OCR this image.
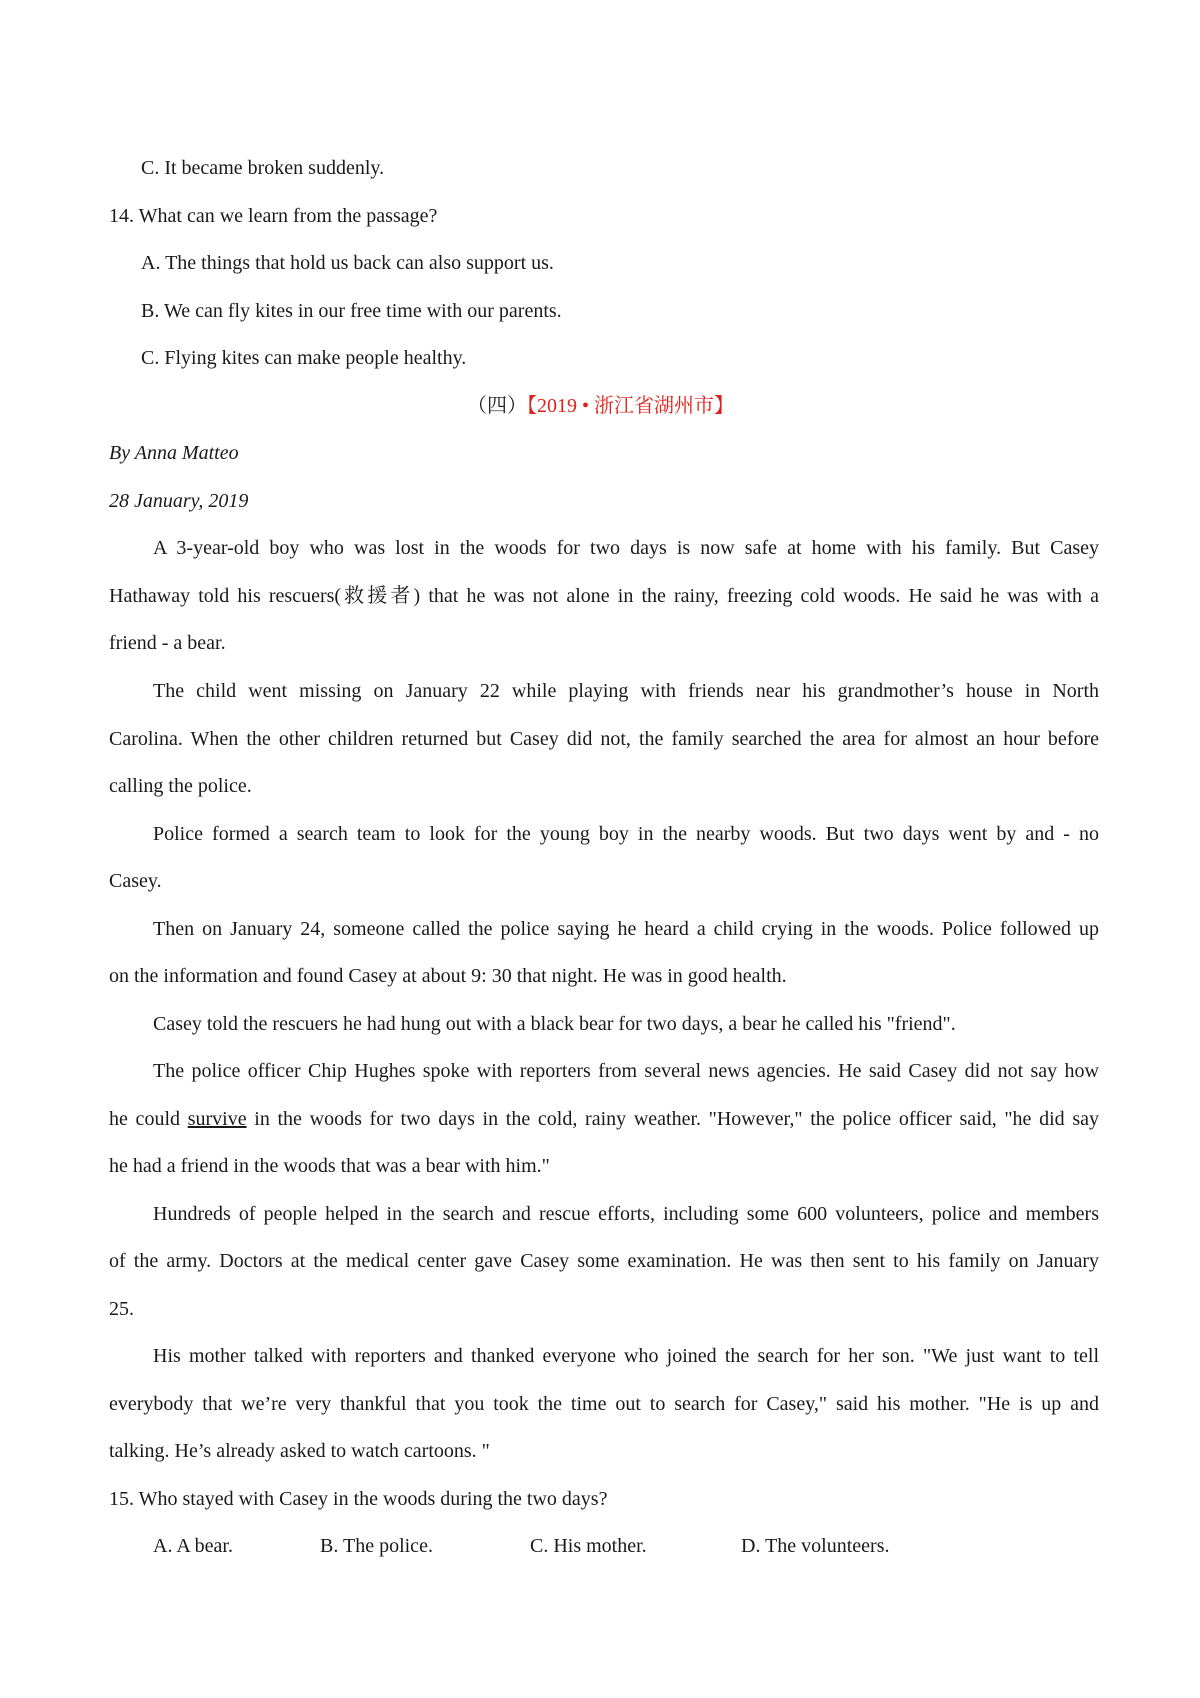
C. It became broken suddenly.
14. What can we learn from the passage?
A. The things that hold us back can also support us.
B. We can fly kites in our free time with our parents.
C. Flying kites can make people healthy.
（四）【2019 • 浙江省湖州市】
By Anna Matteo
28 January, 2019
A 3-year-old boy who was lost in the woods for two days is now safe at home with his family. But Casey
Hathaway told his rescuers(救援者) that he was not alone in the rainy, freezing cold woods. He said he was with a
friend - a bear.
The child went missing on January 22 while playing with friends near his grandmother’s house in North
Carolina. When the other children returned but Casey did not, the family searched the area for almost an hour before
calling the police.
Police formed a search team to look for the young boy in the nearby woods. But two days went by and - no
Casey.
Then on January 24, someone called the police saying he heard a child crying in the woods. Police followed up
on the information and found Casey at about 9: 30 that night. He was in good health.
Casey told the rescuers he had hung out with a black bear for two days, a bear he called his "friend".
The police officer Chip Hughes spoke with reporters from several news agencies. He said Casey did not say how
he could survive in the woods for two days in the cold, rainy weather. "However," the police officer said, "he did say
he had a friend in the woods that was a bear with him."
Hundreds of people helped in the search and rescue efforts, including some 600 volunteers, police and members
of the army. Doctors at the medical center gave Casey some examination. He was then sent to his family on January
25.
His mother talked with reporters and thanked everyone who joined the search for her son. "We just want to tell
everybody that we’re very thankful that you took the time out to search for Casey," said his mother. "He is up and
talking. He’s already asked to watch cartoons. "
15. Who stayed with Casey in the woods during the two days?
A. A bear.	B. The police.	C. His mother.	D. The volunteers.
